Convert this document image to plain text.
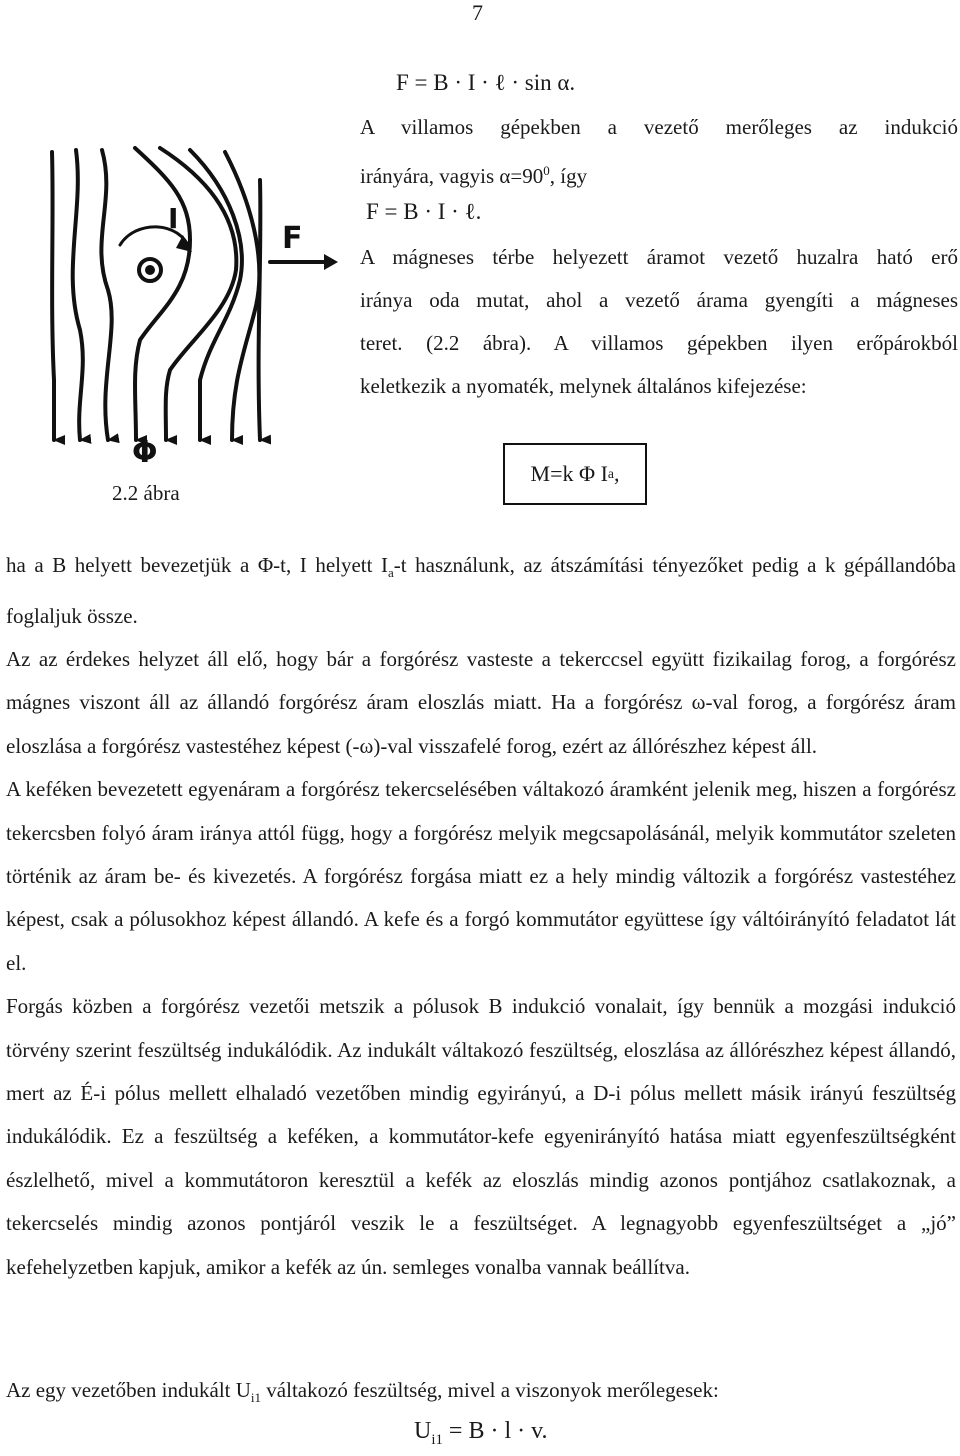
7
F = B · I · ℓ · sin α.

A villamos gépekben a vezető merőleges az indukció

irányára, vagyis $\alpha=90^0$, így

F = B · I · ℓ.

A mágneses térbe helyezett áramot vezető huzalra ható erő

iránya oda mutat, ahol a vezető árama gyengíti a mágneses

teret. (2.2 ábra). A villamos gépekben ilyen erőpárokból

keletkezik a nyomaték, melynek általános kifejezése:

I
F
Φ
2.2 ábra
M=k Φ I a ,

ha a B helyett bevezetjük a Φ-t, I helyett $I_a-t$ használunk, az átszámítási tényezőket pedig a k gépállandóba foglaljuk össze.

Az az érdekes helyzet áll elő, hogy bár a forgórész vasteste a tekerccsel együtt fizikailag forog, a forgórész mágnes viszont áll az állandó forgórész áram eloszlás miatt. Ha a forgórész ω-val forog, a forgórész áram eloszlása a forgórész vastestéhez képest (-ω)-val visszafelé forog, ezért az állórészhez képest áll.

A keféken bevezetett egyenáram a forgórész tekercselésében váltakozó áramként jelenik meg, hiszen a forgórész tekercsben folyó áram iránya attól függ, hogy a forgórész melyik megcsapolásánál, melyik kommutátor szeleten történik az áram be- és kivezetés. A forgórész forgása miatt ez a hely mindig változik a forgórész vastestéhez képest, csak a pólusokhoz képest állandó. A kefe és a forgó kommutátor együttese így váltóirányító feladatot lát el.

Forgás közben a forgórész vezetői metszik a pólusok B indukció vonalait, így bennük a mozgási indukció törvény szerint feszültség indukálódik. Az indukált váltakozó feszültség, eloszlása az állórészhez képest állandó, mert az É-i pólus mellett elhaladó vezetőben mindig egyirányú, a D-i pólus mellett másik irányú feszültség indukálódik. Ez a feszültség a keféken, a kommutátor-kefe egyenirányító hatása miatt egyenfeszültségként észlelhető, mivel a kommutátoron keresztül a kefék az eloszlás mindig azonos pontjához csatlakoznak, a tekercselés mindig azonos pontjáról veszik le a feszültséget. A legnagyobb egyenfeszültséget a „jó” kefehelyzetben kapjuk, amikor a kefék az ún. semleges vonalba vannak beállítva.

Az egy vezetőben indukált $U_{i1}$ váltakozó feszültség, mivel a viszonyok merőlegesek:
$U_{i1} = B \cdot l \cdot v$.
